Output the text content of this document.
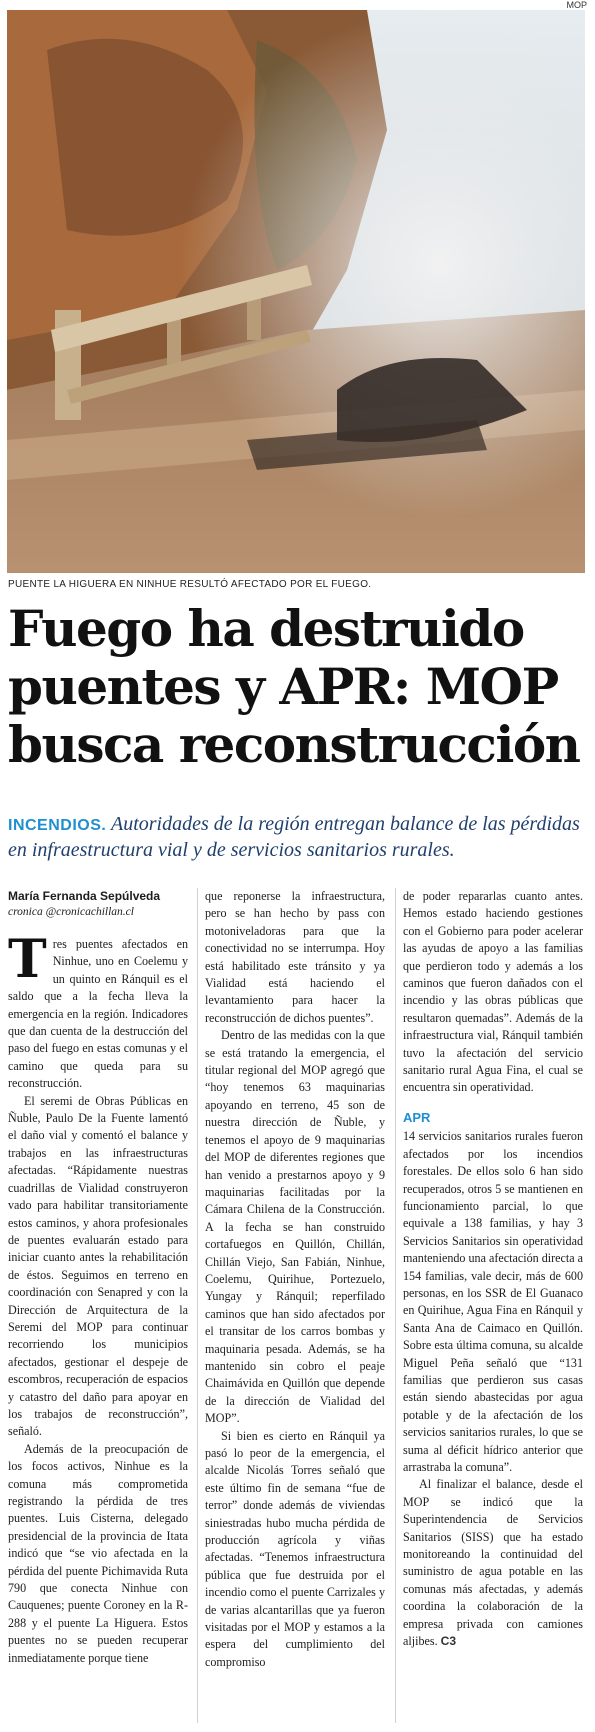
MOP
PUENTE LA HIGUERA EN NINHUE RESULTÓ AFECTADO POR EL FUEGO.
Fuego ha destruido puentes y APR: MOP busca reconstrucción
INCENDIOS. Autoridades de la región entregan balance de las pérdidas en infraestructura vial y de servicios sanitarios rurales.
María Fernanda Sepúlveda
cronica @cronicachillan.cl

Tres puentes afectados en Ninhue, uno en Coelemu y un quinto en Ránquil es el saldo que a la fecha lleva la emergencia en la región. Indicadores que dan cuenta de la destrucción del paso del fuego en estas comunas y el camino que queda para su reconstrucción.

El seremi de Obras Públicas en Ñuble, Paulo De la Fuente lamentó el daño vial y comentó el balance y trabajos en las infraestructuras afectadas. “Rápidamente nuestras cuadrillas de Vialidad construyeron vado para habilitar transitoriamente estos caminos, y ahora profesionales de puentes evaluarán estado para iniciar cuanto antes la rehabilitación de éstos. Seguimos en terreno en coordinación con Senapred y con la Dirección de Arquitectura de la Seremi del MOP para continuar recorriendo los municipios afectados, gestionar el despeje de escombros, recuperación de espacios y catastro del daño para apoyar en los trabajos de reconstrucción”, señaló.

Además de la preocupación de los focos activos, Ninhue es la comuna más comprometida registrando la pérdida de tres puentes. Luis Cisterna, delegado presidencial de la provincia de Itata indicó que “se vio afectada en la pérdida del puente Pichimavida Ruta 790 que conecta Ninhue con Cauquenes; puente Coroney en la R-288 y el puente La Higuera. Estos puentes no se pueden recuperar inmediatamente porque tiene

que reponerse la infraestructura, pero se han hecho by pass con motoniveladoras para que la conectividad no se interrumpa. Hoy está habilitado este tránsito y ya Vialidad está haciendo el levantamiento para hacer la reconstrucción de dichos puentes”.

Dentro de las medidas con la que se está tratando la emergencia, el titular regional del MOP agregó que “hoy tenemos 63 maquinarias apoyando en terreno, 45 son de nuestra dirección de Ñuble, y tenemos el apoyo de 9 maquinarias del MOP de diferentes regiones que han venido a prestarnos apoyo y 9 maquinarias facilitadas por la Cámara Chilena de la Construcción. A la fecha se han construido cortafuegos en Quillón, Chillán, Chillán Viejo, San Fabián, Ninhue, Coelemu, Quirihue, Portezuelo, Yungay y Ránquil; reperfilado caminos que han sido afectados por el transitar de los carros bombas y maquinaria pesada. Además, se ha mantenido sin cobro el peaje Chaimávida en Quillón que depende de la dirección de Vialidad del MOP”.

Si bien es cierto en Ránquil ya pasó lo peor de la emergencia, el alcalde Nicolás Torres señaló que este último fin de semana “fue de terror” donde además de viviendas siniestradas hubo mucha pérdida de producción agrícola y viñas afectadas. “Tenemos infraestructura pública que fue destruida por el incendio como el puente Carrizales y de varias alcantarillas que ya fueron visitadas por el MOP y estamos a la espera del cumplimiento del compromiso

de poder repararlas cuanto antes. Hemos estado haciendo gestiones con el Gobierno para poder acelerar las ayudas de apoyo a las familias que perdieron todo y además a los caminos que fueron dañados con el incendio y las obras públicas que resultaron quemadas”. Además de la infraestructura vial, Ránquil también tuvo la afectación del servicio sanitario rural Agua Fina, el cual se encuentra sin operatividad.

APR

14 servicios sanitarios rurales fueron afectados por los incendios forestales. De ellos solo 6 han sido recuperados, otros 5 se mantienen en funcionamiento parcial, lo que equivale a 138 familias, y hay 3 Servicios Sanitarios sin operatividad manteniendo una afectación directa a 154 familias, vale decir, más de 600 personas, en los SSR de El Guanaco en Quirihue, Agua Fina en Ránquil y Santa Ana de Caimaco en Quillón. Sobre esta última comuna, su alcalde Miguel Peña señaló que “131 familias que perdieron sus casas están siendo abastecidas por agua potable y de la afectación de los servicios sanitarios rurales, lo que se suma al déficit hídrico anterior que arrastraba la comuna”.

Al finalizar el balance, desde el MOP se indicó que la Superintendencia de Servicios Sanitarios (SISS) que ha estado monitoreando la continuidad del suministro de agua potable en las comunas más afectadas, y además coordina la colaboración de la empresa privada con camiones aljibes. C3
